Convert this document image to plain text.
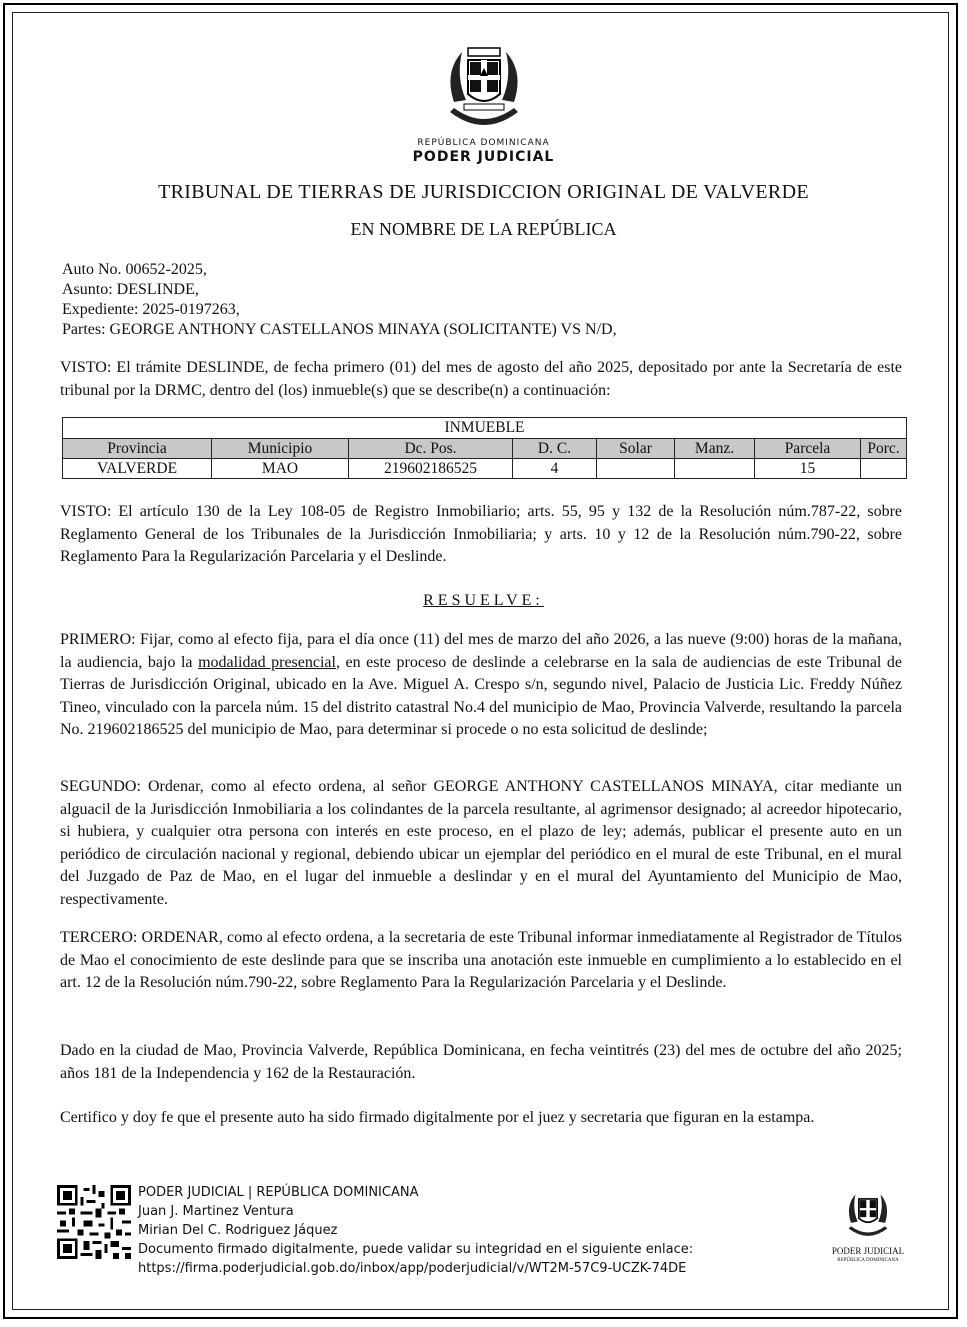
REPÚBLICA DOMINICANA
PODER JUDICIAL
TRIBUNAL DE TIERRAS DE JURISDICCION ORIGINAL DE VALVERDE
EN NOMBRE DE LA REPÚBLICA
Auto No. 00652-2025,
Asunto: DESLINDE,
Expediente: 2025-0197263,
Partes: GEORGE ANTHONY CASTELLANOS MINAYA (SOLICITANTE) VS N/D,
VISTO: El trámite DESLINDE, de fecha primero (01) del mes de agosto del año 2025, depositado por ante la Secretaría de este tribunal por la DRMC, dentro del (los) inmueble(s) que se describe(n) a continuación:
INMUEBLE							
Provincia	Municipio	Dc. Pos.	D. C.	Solar	Manz.	Parcela	Porc.
VALVERDE	MAO	219602186525	4			15	
VISTO: El artículo 130 de la Ley 108-05 de Registro Inmobiliario; arts. 55, 95 y 132 de la Resolución núm.787-22, sobre Reglamento General de los Tribunales de la Jurisdicción Inmobiliaria; y arts. 10 y 12 de la Resolución núm.790-22, sobre Reglamento Para la Regularización Parcelaria y el Deslinde.
RESUELVE:
PRIMERO: Fijar, como al efecto fija, para el día once (11) del mes de marzo del año 2026, a las nueve (9:00) horas de la mañana, la audiencia, bajo la modalidad presencial, en este proceso de deslinde a celebrarse en la sala de audiencias de este Tribunal de Tierras de Jurisdicción Original, ubicado en la Ave. Miguel A. Crespo s/n, segundo nivel, Palacio de Justicia Lic. Freddy Núñez Tineo, vinculado con la parcela núm. 15 del distrito catastral No.4 del municipio de Mao, Provincia Valverde, resultando la parcela No. 219602186525 del municipio de Mao, para determinar si procede o no esta solicitud de deslinde;
SEGUNDO: Ordenar, como al efecto ordena, al señor GEORGE ANTHONY CASTELLANOS MINAYA, citar mediante un alguacil de la Jurisdicción Inmobiliaria a los colindantes de la parcela resultante, al agrimensor designado; al acreedor hipotecario, si hubiera, y cualquier otra persona con interés en este proceso, en el plazo de ley; además, publicar el presente auto en un periódico de circulación nacional y regional, debiendo ubicar un ejemplar del periódico en el mural de este Tribunal, en el mural del Juzgado de Paz de Mao, en el lugar del inmueble a deslindar y en el mural del Ayuntamiento del Municipio de Mao, respectivamente.
TERCERO: ORDENAR, como al efecto ordena, a la secretaria de este Tribunal informar inmediatamente al Registrador de Títulos de Mao el conocimiento de este deslinde para que se inscriba una anotación este inmueble en cumplimiento a lo establecido en el art. 12 de la Resolución núm.790-22, sobre Reglamento Para la Regularización Parcelaria y el Deslinde.
Dado en la ciudad de Mao, Provincia Valverde, República Dominicana, en fecha veintitrés (23) del mes de octubre del año 2025; años 181 de la Independencia y 162 de la Restauración.
Certifico y doy fe que el presente auto ha sido firmado digitalmente por el juez y secretaria que figuran en la estampa.
PODER JUDICIAL | REPÚBLICA DOMINICANA
Juan J. Martinez Ventura
Mirian Del C. Rodriguez Jáquez
Documento firmado digitalmente, puede validar su integridad en el siguiente enlace:
https://firma.poderjudicial.gob.do/inbox/app/poderjudicial/v/WT2M-57C9-UCZK-74DE
PODER JUDICIAL
REPÚBLICA DOMINICANA
